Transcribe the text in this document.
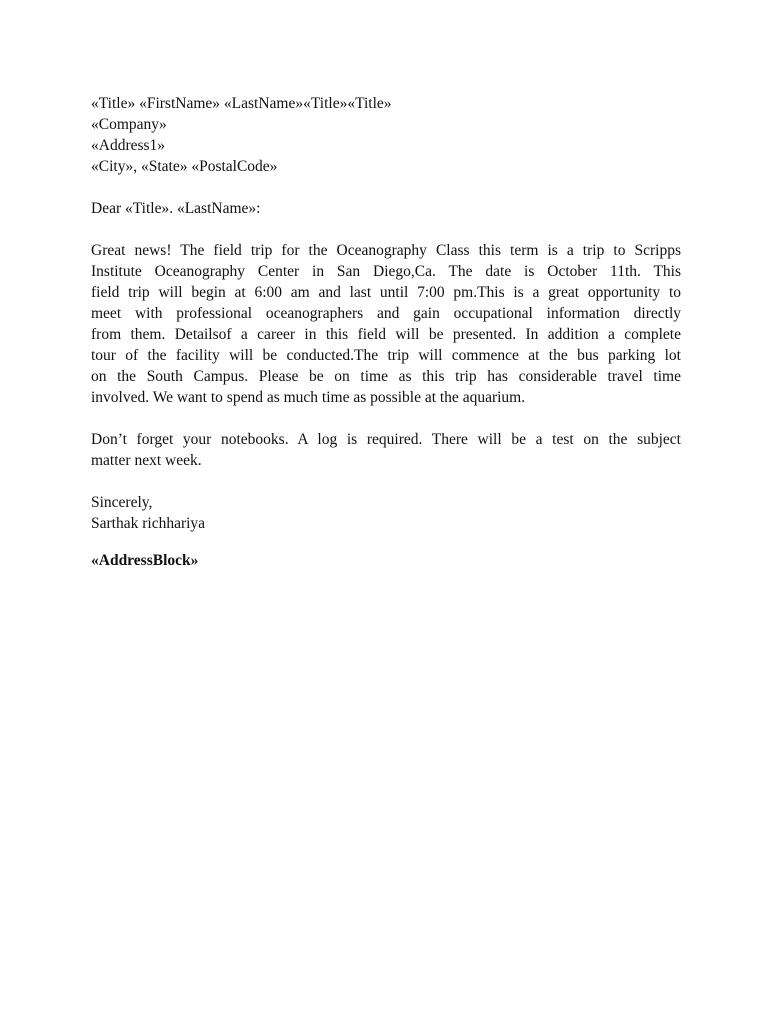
«Title» «FirstName» «LastName»«Title»«Title»
«Company»
«Address1»
«City», «State» «PostalCode»
Dear «Title». «LastName»:
Great news! The field trip for the Oceanography Class this term is a trip to Scripps
Institute Oceanography Center in San Diego,Ca. The date is October 11th. This
field trip will begin at 6:00 am and last until 7:00 pm.This is a great opportunity to
meet with professional oceanographers and gain occupational information directly
from them. Detailsof a career in this field will be presented. In addition a complete
tour of the facility will be conducted.The trip will commence at the bus parking lot
on the South Campus. Please be on time as this trip has considerable travel time
involved. We want to spend as much time as possible at the aquarium.
Don’t forget your notebooks. A log is required. There will be a test on the subject
matter next week.
Sincerely,
Sarthak richhariya
«AddressBlock»
